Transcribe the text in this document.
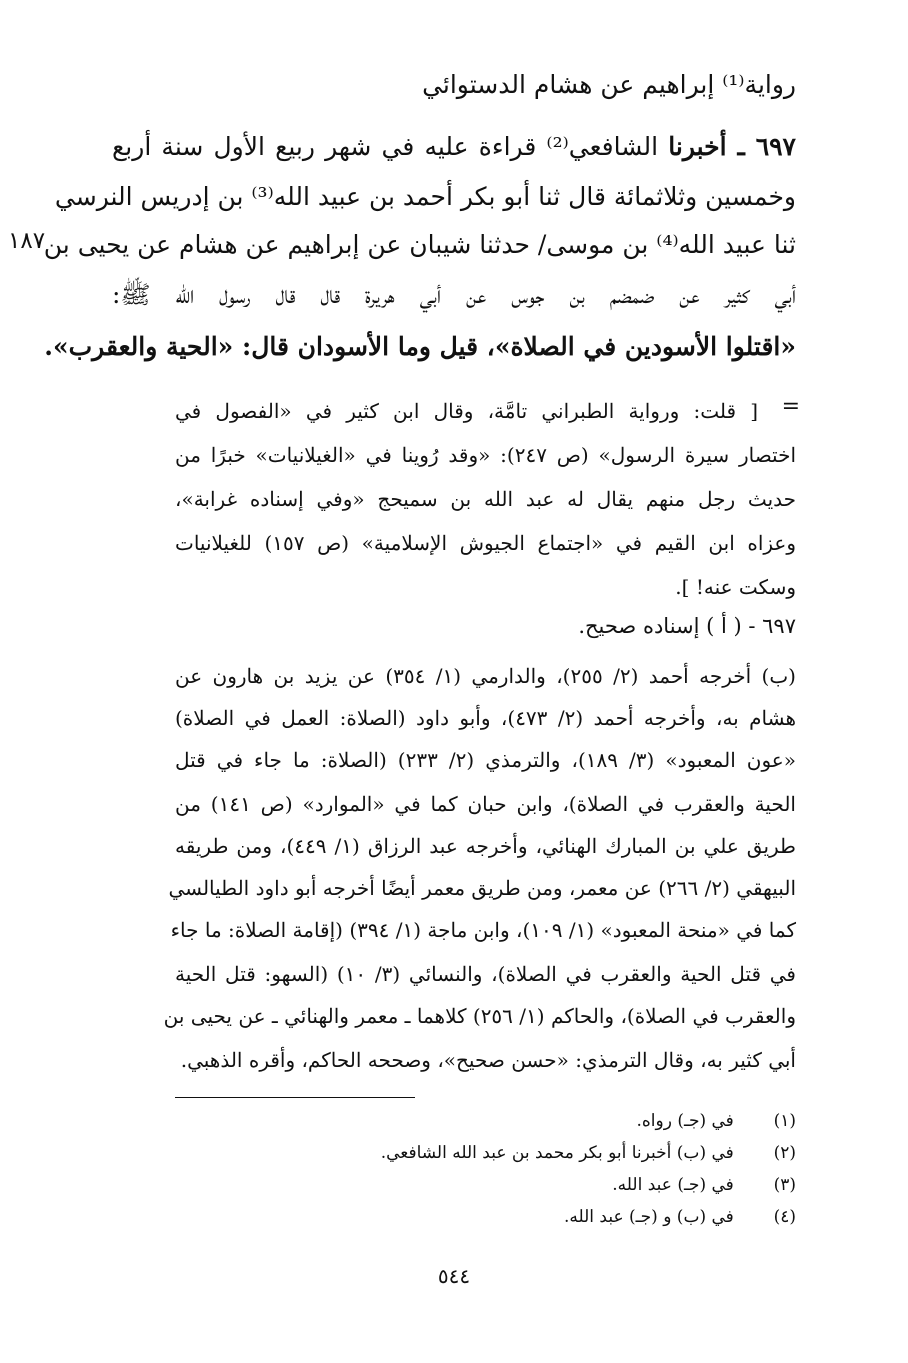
رواية⁽¹⁾ إبراهيم عن هشام الدستوائي
٦٩٧ ـ أخبرنا الشافعي⁽²⁾ قراءة عليه في شهر ربيع الأول سنة أربع
وخمسين وثلاثمائة قال ثنا أبو بكر أحمد بن عبيد الله⁽³⁾ بن إدريس النرسي
ثنا عبيد الله⁽⁴⁾ بن موسى/ حدثنا شيبان عن إبراهيم عن هشام عن يحيى بن
أبي كثير عن ضمضم بن جوس عن أبي هريرة قال قال رسول الله ﷺ:
«اقتلوا الأسودين في الصلاة»، قيل وما الأسودان قال: «الحية والعقرب».
١٨٧
=
[ قلت: ورواية الطبراني تامَّة، وقال ابن كثير في «الفصول في
اختصار سيرة الرسول» (ص ٢٤٧): «وقد رُوينا في «الغيلانيات» خبرًا من
حديث رجل منهم يقال له عبد الله بن سميحج «وفي إسناده غرابة»،
وعزاه ابن القيم في «اجتماع الجيوش الإسلامية» (ص ١٥٧) للغيلانيات
وسكت عنه! ].
٦٩٧ - ( أ ) إسناده صحيح.
(ب) أخرجه أحمد (٢/ ٢٥٥)، والدارمي (١/ ٣٥٤) عن يزيد بن هارون عن
هشام به، وأخرجه أحمد (٢/ ٤٧٣)، وأبو داود (الصلاة: العمل في الصلاة)
«عون المعبود» (٣/ ١٨٩)، والترمذي (٢/ ٢٣٣) (الصلاة: ما جاء في قتل
الحية والعقرب في الصلاة)، وابن حبان كما في «الموارد» (ص ١٤١) من
طريق علي بن المبارك الهنائي، وأخرجه عبد الرزاق (١/ ٤٤٩)، ومن طريقه
البيهقي (٢/ ٢٦٦) عن معمر، ومن طريق معمر أيضًا أخرجه أبو داود الطيالسي
كما في «منحة المعبود» (١/ ١٠٩)، وابن ماجة (١/ ٣٩٤) (إقامة الصلاة: ما جاء
في قتل الحية والعقرب في الصلاة)، والنسائي (٣/ ١٠) (السهو: قتل الحية
والعقرب في الصلاة)، والحاكم (١/ ٢٥٦) كلاهما ـ معمر والهنائي ـ عن يحيى بن
أبي كثير به، وقال الترمذي: «حسن صحيح»، وصححه الحاكم، وأقره الذهبي.
(١)   في (جـ) رواه.
(٢)   في (ب) أخبرنا أبو بكر محمد بن عبد الله الشافعي.
(٣)   في (جـ) عبد الله.
(٤)   في (ب) و (جـ) عبد الله.
٥٤٤
